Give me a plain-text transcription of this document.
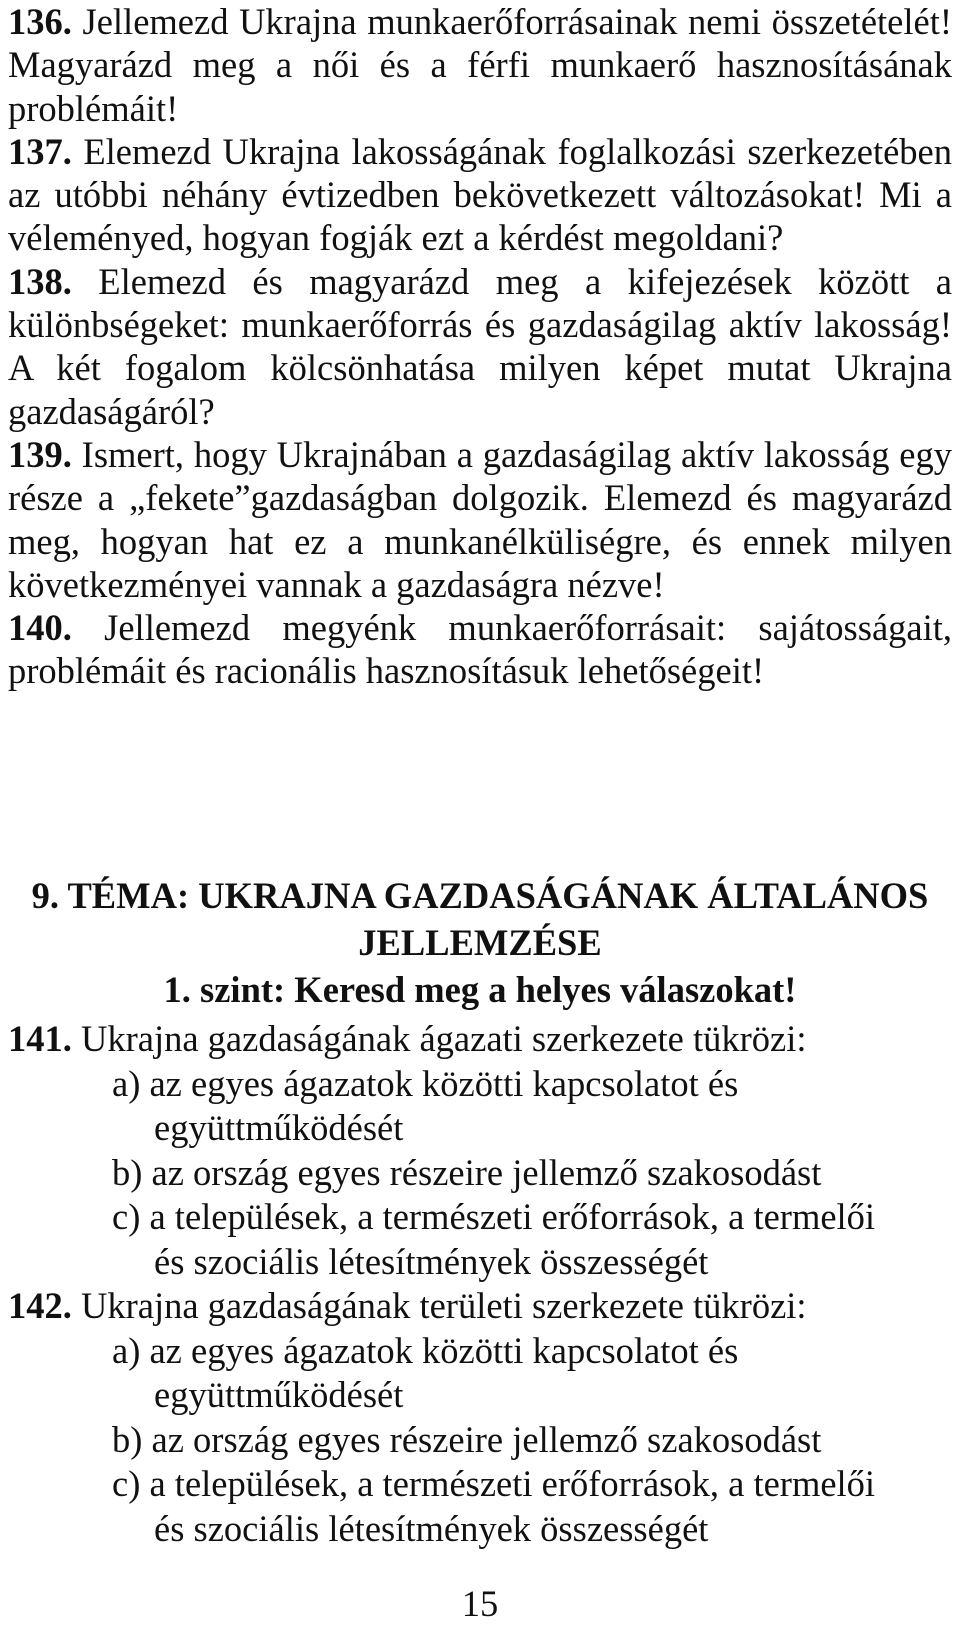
136. Jellemezd Ukrajna munkaerőforrásainak nemi összetételét! Magyarázd meg a női és a férfi munkaerő hasznosításának problémáit!

137. Elemezd Ukrajna lakosságának foglalkozási szerkezetében az utóbbi néhány évtizedben bekövetkezett változásokat! Mi a véleményed, hogyan fogják ezt a kérdést megoldani?

138. Elemezd és magyarázd meg a kifejezések között a különbségeket: munkaerőforrás és gazdaságilag aktív lakosság! A két fogalom kölcsönhatása milyen képet mutat Ukrajna gazdaságáról?

139. Ismert, hogy Ukrajnában a gazdaságilag aktív lakosság egy része a „fekete”gazdaságban dolgozik. Elemezd és magyarázd meg, hogyan hat ez a munkanélküliségre, és ennek milyen következményei vannak a gazdaságra nézve!

140. Jellemezd megyénk munkaerőforrásait: sajátosságait, problémáit és racionális hasznosításuk lehetőségeit!

9. TÉMA: UKRAJNA GAZDASÁGÁNAK ÁLTALÁNOS
JELLEMZÉSE
1. szint: Keresd meg a helyes válaszokat!
141. Ukrajna gazdaságának ágazati szerkezete tükrözi:
a) az egyes ágazatok közötti kapcsolatot és
együttműködését
b) az ország egyes részeire jellemző szakosodást
c) a települések, a természeti erőforrások, a termelői
és szociális létesítmények összességét
142. Ukrajna gazdaságának területi szerkezete tükrözi:
a) az egyes ágazatok közötti kapcsolatot és
együttműködését
b) az ország egyes részeire jellemző szakosodást
c) a települések, a természeti erőforrások, a termelői
és szociális létesítmények összességét
15
